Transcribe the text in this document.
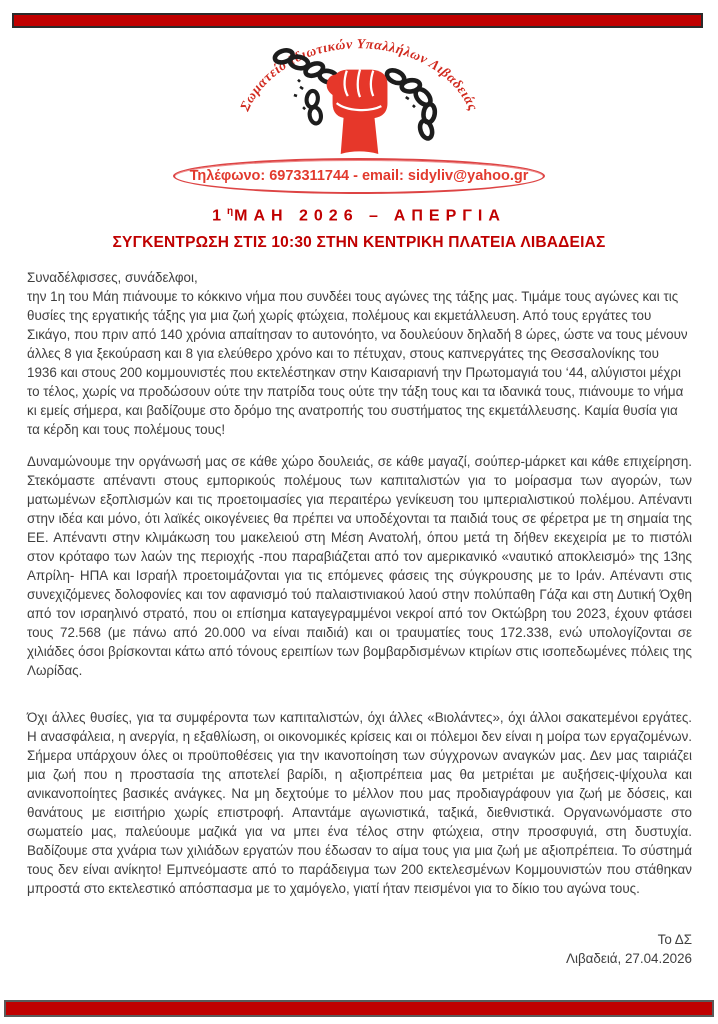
Σωματείο Ιδιωτικών Υπαλλήλων Λιβαδειάς
Τηλέφωνο: 6973311744 - email: sidyliv@yahoo.gr
$1^\eta MAH$ 2026 – ΑΠΕΡΓΙΑ
ΣΥΓΚΕΝΤΡΩΣΗ ΣΤΙΣ 10:30 ΣΤΗΝ ΚΕΝΤΡΙΚΗ ΠΛΑΤΕΙΑ ΛΙΒΑΔΕΙΑΣ

Συναδέλφισσες, συνάδελφοι,

την 1η του Μάη πιάνουμε το κόκκινο νήμα που συνδέει τους αγώνες της τάξης μας. Τιμάμε τους αγώνες και τις θυσίες της εργατικής τάξης για μια ζωή χωρίς φτώχεια, πολέμους και εκμετάλλευση. Από τους εργάτες του Σικάγο, που πριν από 140 χρόνια απαίτησαν το αυτονόητο, να δουλεύουν δηλαδή 8 ώρες, ώστε να τους μένουν άλλες 8 για ξεκούραση και 8 για ελεύθερο χρόνο και το πέτυχαν, στους καπνεργάτες της Θεσσαλονίκης του 1936 και στους 200 κομμουνιστές που εκτελέστηκαν στην Καισαριανή την Πρωτομαγιά του ‘44, αλύγιστοι μέχρι το τέλος, χωρίς να προδώσουν ούτε την πατρίδα τους ούτε την τάξη τους και τα ιδανικά τους, πιάνουμε το νήμα κι εμείς σήμερα, και βαδίζουμε στο δρόμο της ανατροπής του συστήματος της εκμετάλλευσης. Καμία θυσία για τα κέρδη και τους πολέμους τους!

Δυναμώνουμε την οργάνωσή μας σε κάθε χώρο δουλειάς, σε κάθε μαγαζί, σούπερ-μάρκετ και κάθε επιχείρηση. Στεκόμαστε απέναντι στους εμπορικούς πολέμους των καπιταλιστών για το μοίρασμα των αγορών, των ματωμένων εξοπλισμών και τις προετοιμασίες για περαιτέρω γενίκευση του ιμπεριαλιστικού πολέμου. Απέναντι στην ιδέα και μόνο, ότι λαϊκές οικογένειες θα πρέπει να υποδέχονται τα παιδιά τους σε φέρετρα με τη σημαία της ΕΕ. Απέναντι στην κλιμάκωση του μακελειού στη Μέση Ανατολή, όπου μετά τη δήθεν εκεχειρία με το πιστόλι στον κρόταφο των λαών της περιοχής -που παραβιάζεται από τον αμερικανικό «ναυτικό αποκλεισμό» της 13ης Απρίλη- ΗΠΑ και Ισραήλ προετοιμάζονται για τις επόμενες φάσεις της σύγκρουσης με το Ιράν. Απέναντι στις συνεχιζόμενες δολοφονίες και τον αφανισμό τού παλαιστινιακού λαού στην πολύπαθη Γάζα και στη Δυτική Όχθη από τον ισραηλινό στρατό, που οι επίσημα καταγεγραμμένοι νεκροί από τον Οκτώβρη του 2023, έχουν φτάσει τους 72.568 (με πάνω από 20.000 να είναι παιδιά) και οι τραυματίες τους 172.338, ενώ υπολογίζονται σε χιλιάδες όσοι βρίσκονται κάτω από τόνους ερειπίων των βομβαρδισμένων κτιρίων στις ισοπεδωμένες πόλεις της Λωρίδας.

Όχι άλλες θυσίες, για τα συμφέροντα των καπιταλιστών, όχι άλλες «Βιολάντες», όχι άλλοι σακατεμένοι εργάτες. Η ανασφάλεια, η ανεργία, η εξαθλίωση, οι οικονομικές κρίσεις και οι πόλεμοι δεν είναι η μοίρα των εργαζομένων. Σήμερα υπάρχουν όλες οι προϋποθέσεις για την ικανοποίηση των σύγχρονων αναγκών μας. Δεν μας ταιριάζει μια ζωή που η προστασία της αποτελεί βαρίδι, η αξιοπρέπεια μας θα μετριέται με αυξήσεις-ψίχουλα και ανικανοποίητες βασικές ανάγκες. Να μη δεχτούμε το μέλλον που μας προδιαγράφουν για ζωή με δόσεις, και θανάτους με εισιτήριο χωρίς επιστροφή. Απαντάμε αγωνιστικά, ταξικά, διεθνιστικά. Οργανωνόμαστε στο σωματείο μας, παλεύουμε μαζικά για να μπει ένα τέλος στην φτώχεια, στην προσφυγιά, στη δυστυχία. Βαδίζουμε στα χνάρια των χιλιάδων εργατών που έδωσαν το αίμα τους για μια ζωή με αξιοπρέπεια. Το σύστημά τους δεν είναι ανίκητο! Εμπνεόμαστε από το παράδειγμα των 200 εκτελεσμένων Κομμουνιστών που στάθηκαν μπροστά στο εκτελεστικό απόσπασμα με το χαμόγελο, γιατί ήταν πεισμένοι για το δίκιο του αγώνα τους.

Το ΔΣ
Λιβαδειά, 27.04.2026
